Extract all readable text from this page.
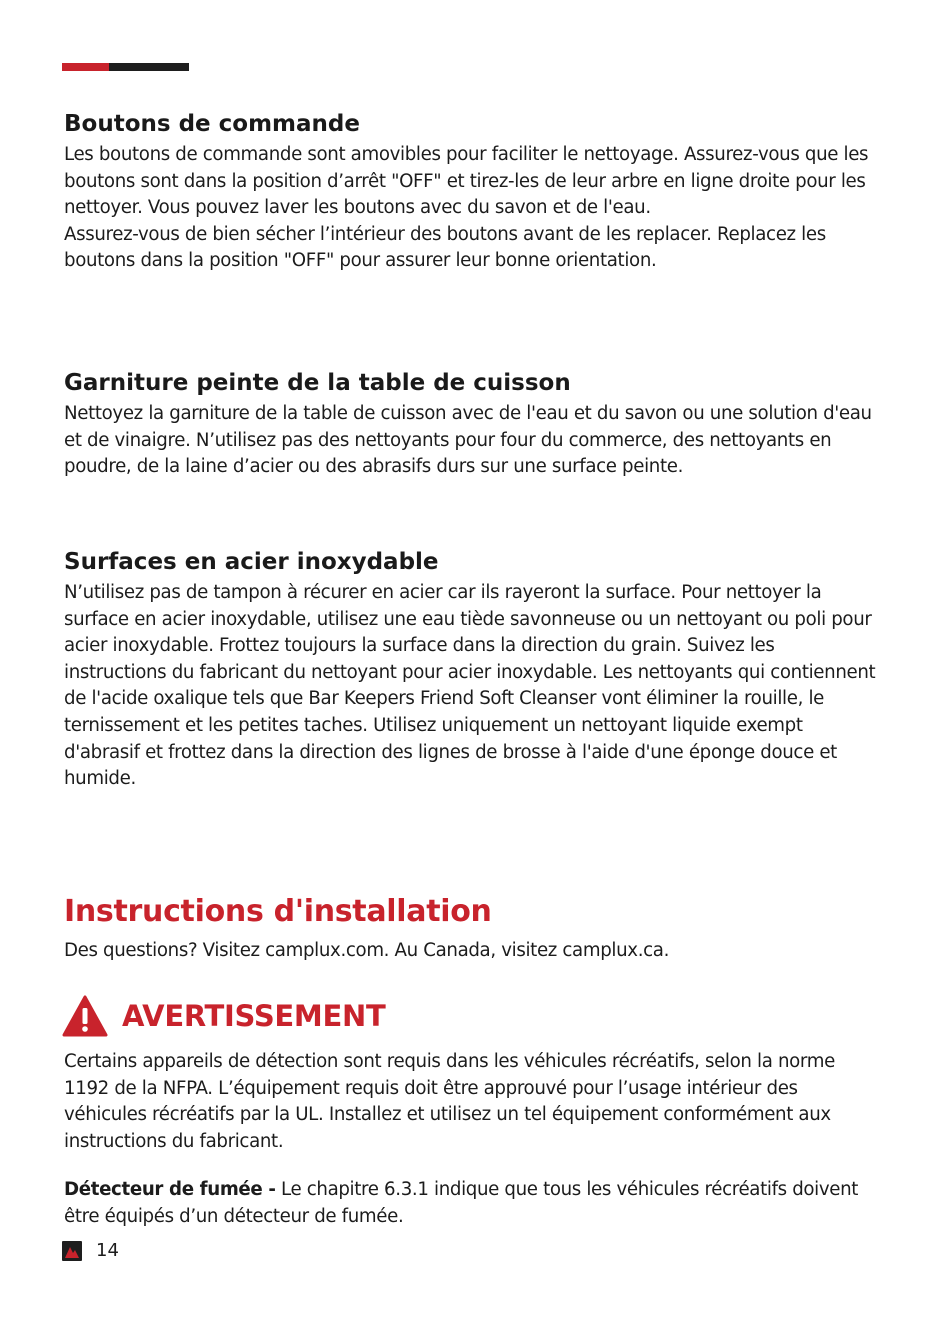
Boutons de commande

Les boutons de commande sont amovibles pour faciliter le nettoyage. Assurez-vous que les boutons sont dans la position d’arrêt "OFF" et tirez-les de leur arbre en ligne droite pour les nettoyer. Vous pouvez laver les boutons avec du savon et de l'eau.

Assurez-vous de bien sécher l’intérieur des boutons avant de les replacer. Replacez les boutons dans la position "OFF" pour assurer leur bonne orientation.

Garniture peinte de la table de cuisson

Nettoyez la garniture de la table de cuisson avec de l'eau et du savon ou une solution d'eau et de vinaigre. N’utilisez pas des nettoyants pour four du commerce, des nettoyants en poudre, de la laine d’acier ou des abrasifs durs sur une surface peinte.

Surfaces en acier inoxydable

N’utilisez pas de tampon à récurer en acier car ils rayeront la surface. Pour nettoyer la surface en acier inoxydable, utilisez une eau tiède savonneuse ou un nettoyant ou poli pour acier inoxydable. Frottez toujours la surface dans la direction du grain. Suivez les instructions du fabricant du nettoyant pour acier inoxydable. Les nettoyants qui contiennent de l'acide oxalique tels que Bar Keepers Friend Soft Cleanser vont éliminer la rouille, le ternissement et les petites taches. Utilisez uniquement un nettoyant liquide exempt d'abrasif et frottez dans la direction des lignes de brosse à l'aide d'une éponge douce et humide.

Instructions d'installation

Des questions? Visitez camplux.com. Au Canada, visitez camplux.ca.

AVERTISSEMENT

Certains appareils de détection sont requis dans les véhicules récréatifs, selon la norme 1192 de la NFPA. L’équipement requis doit être approuvé pour l’usage intérieur des véhicules récréatifs par la UL. Installez et utilisez un tel équipement conformément aux instructions du fabricant.

Détecteur de fumée - Le chapitre 6.3.1 indique que tous les véhicules récréatifs doivent être équipés d’un détecteur de fumée.

14
